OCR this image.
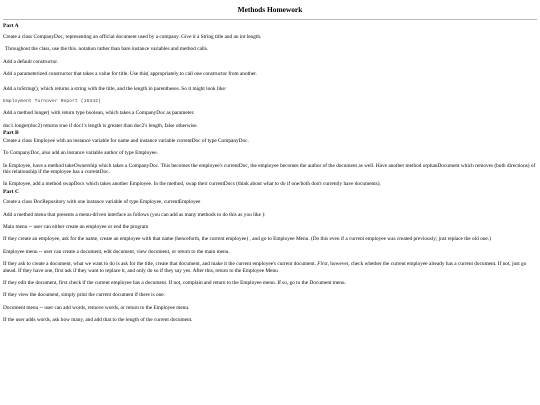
Methods Homework
Part A

Create a class CompanyDoc, representing an official document used by a company. Give it a String title and an int length.

Throughout the class, use the this. notation rather than bare instance variables and method calls.

Add a default constructor.

Add a parameterized constructor that takes a value for title. Use this( appropriately to call one constructor from another.

Add a toString(), which returns a string with the title, and the length in parentheses. So it might look like:

Employment Turnover Report (16342)

Add a method longer( with return type boolean, which takes a CompanyDoc as parameter.

doc1.longer(doc2) returns true if doc1's length is greater than doc2's length, false otherwise.

Part B

Create a class Employee with an instance variable for name and instance variable currentDoc of type CompanyDoc.

To CompanyDoc, also add an instance variable author of type Employee.

In Employee, have a method takeOwnership which takes a CompanyDoc. This becomes the employee's currentDoc, the employee becomes the author of the document as well. Have another method orphanDocument which removes (both directions) of this relationship if the employee has a currentDoc.

In Employee, add a method swapDocs which takes another Employee. In the method, swap their currentDocs (think about what to do if one/both don't currently have documents).

Part C

Create a class DocRepository with one instance variable of type Employee, currentEmployee

Add a method menu that presents a menu-driven interface as follows (you can add as many methods to do this as you like ):

Main menu -- user can either create an employee or end the program

If they create an employee, ask for the name, create an employee with that name (henceforth, the current employee) , and go to Employee Menu. (Do this even if a current employee was created previously; just replace the old one.)

Employee menu -- user can create a document, edit document, view document, or return to the main menu.

If they ask to create a document, what we want to do is ask for the title, create that document, and make it the current employee's current document. First, however, check whether the current employee already has a current document. If not, just go ahead. If they have one, first ask if they want to replace it, and only do so if they say yes. After this, return to the Employee Menu

If they edit the document, first check if the current employee has a document. If not, complain and return to the Employee menu. If so, go to the Document menu.

If they view the document, simply print the current document if there is one.

Document menu -- user can add words, remove words, or return to the Employee menu.

If the user adds words, ask how many, and add that to the length of the current document.
